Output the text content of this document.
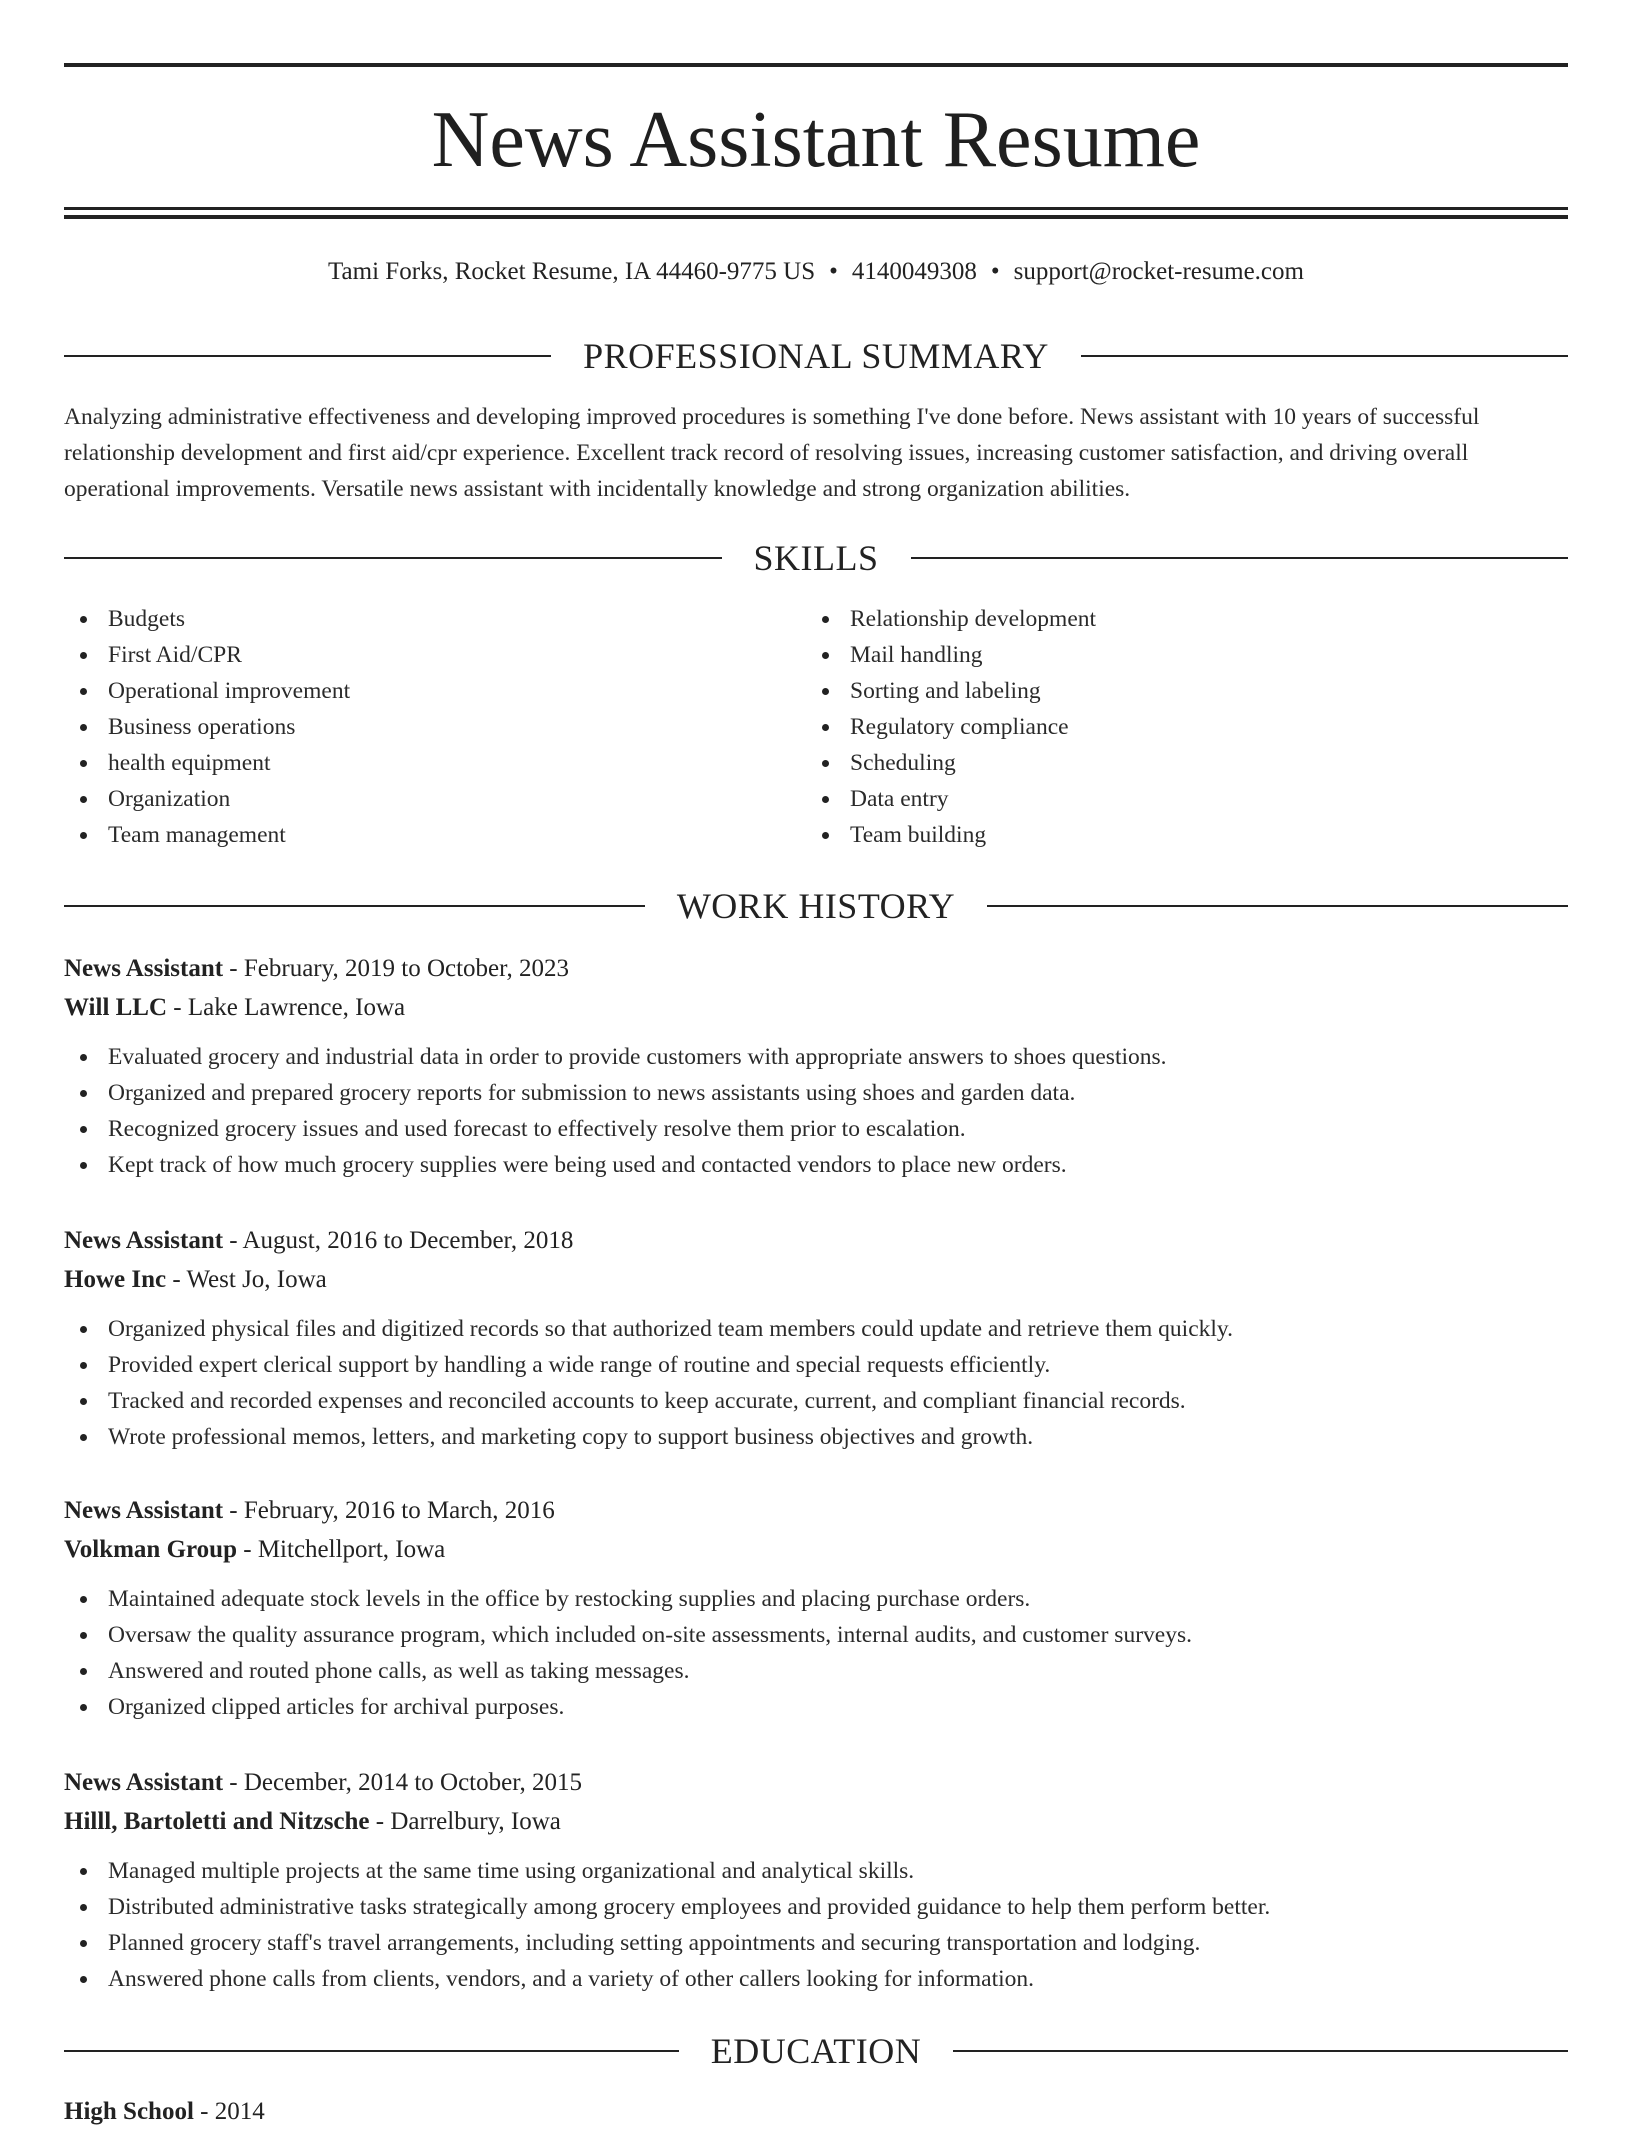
News Assistant Resume
Tami Forks, Rocket Resume, IA 44460-9775 US • 4140049308 • support@rocket-resume.com
PROFESSIONAL SUMMARY

Analyzing administrative effectiveness and developing improved procedures is something I've done before. News assistant with 10 years of successful relationship development and first aid/cpr experience. Excellent track record of resolving issues, increasing customer satisfaction, and driving overall operational improvements. Versatile news assistant with incidentally knowledge and strong organization abilities.

SKILLS
Budgets
First Aid/CPR
Operational improvement
Business operations
health equipment
Organization
Team management
Relationship development
Mail handling
Sorting and labeling
Regulatory compliance
Scheduling
Data entry
Team building
WORK HISTORY
News Assistant - February, 2019 to October, 2023
Will LLC - Lake Lawrence, Iowa
Evaluated grocery and industrial data in order to provide customers with appropriate answers to shoes questions.
Organized and prepared grocery reports for submission to news assistants using shoes and garden data.
Recognized grocery issues and used forecast to effectively resolve them prior to escalation.
Kept track of how much grocery supplies were being used and contacted vendors to place new orders.
News Assistant - August, 2016 to December, 2018
Howe Inc - West Jo, Iowa
Organized physical files and digitized records so that authorized team members could update and retrieve them quickly.
Provided expert clerical support by handling a wide range of routine and special requests efficiently.
Tracked and recorded expenses and reconciled accounts to keep accurate, current, and compliant financial records.
Wrote professional memos, letters, and marketing copy to support business objectives and growth.
News Assistant - February, 2016 to March, 2016
Volkman Group - Mitchellport, Iowa
Maintained adequate stock levels in the office by restocking supplies and placing purchase orders.
Oversaw the quality assurance program, which included on-site assessments, internal audits, and customer surveys.
Answered and routed phone calls, as well as taking messages.
Organized clipped articles for archival purposes.
News Assistant - December, 2014 to October, 2015
Hilll, Bartoletti and Nitzsche - Darrelbury, Iowa
Managed multiple projects at the same time using organizational and analytical skills.
Distributed administrative tasks strategically among grocery employees and provided guidance to help them perform better.
Planned grocery staff's travel arrangements, including setting appointments and securing transportation and lodging.
Answered phone calls from clients, vendors, and a variety of other callers looking for information.
EDUCATION
High School - 2014
